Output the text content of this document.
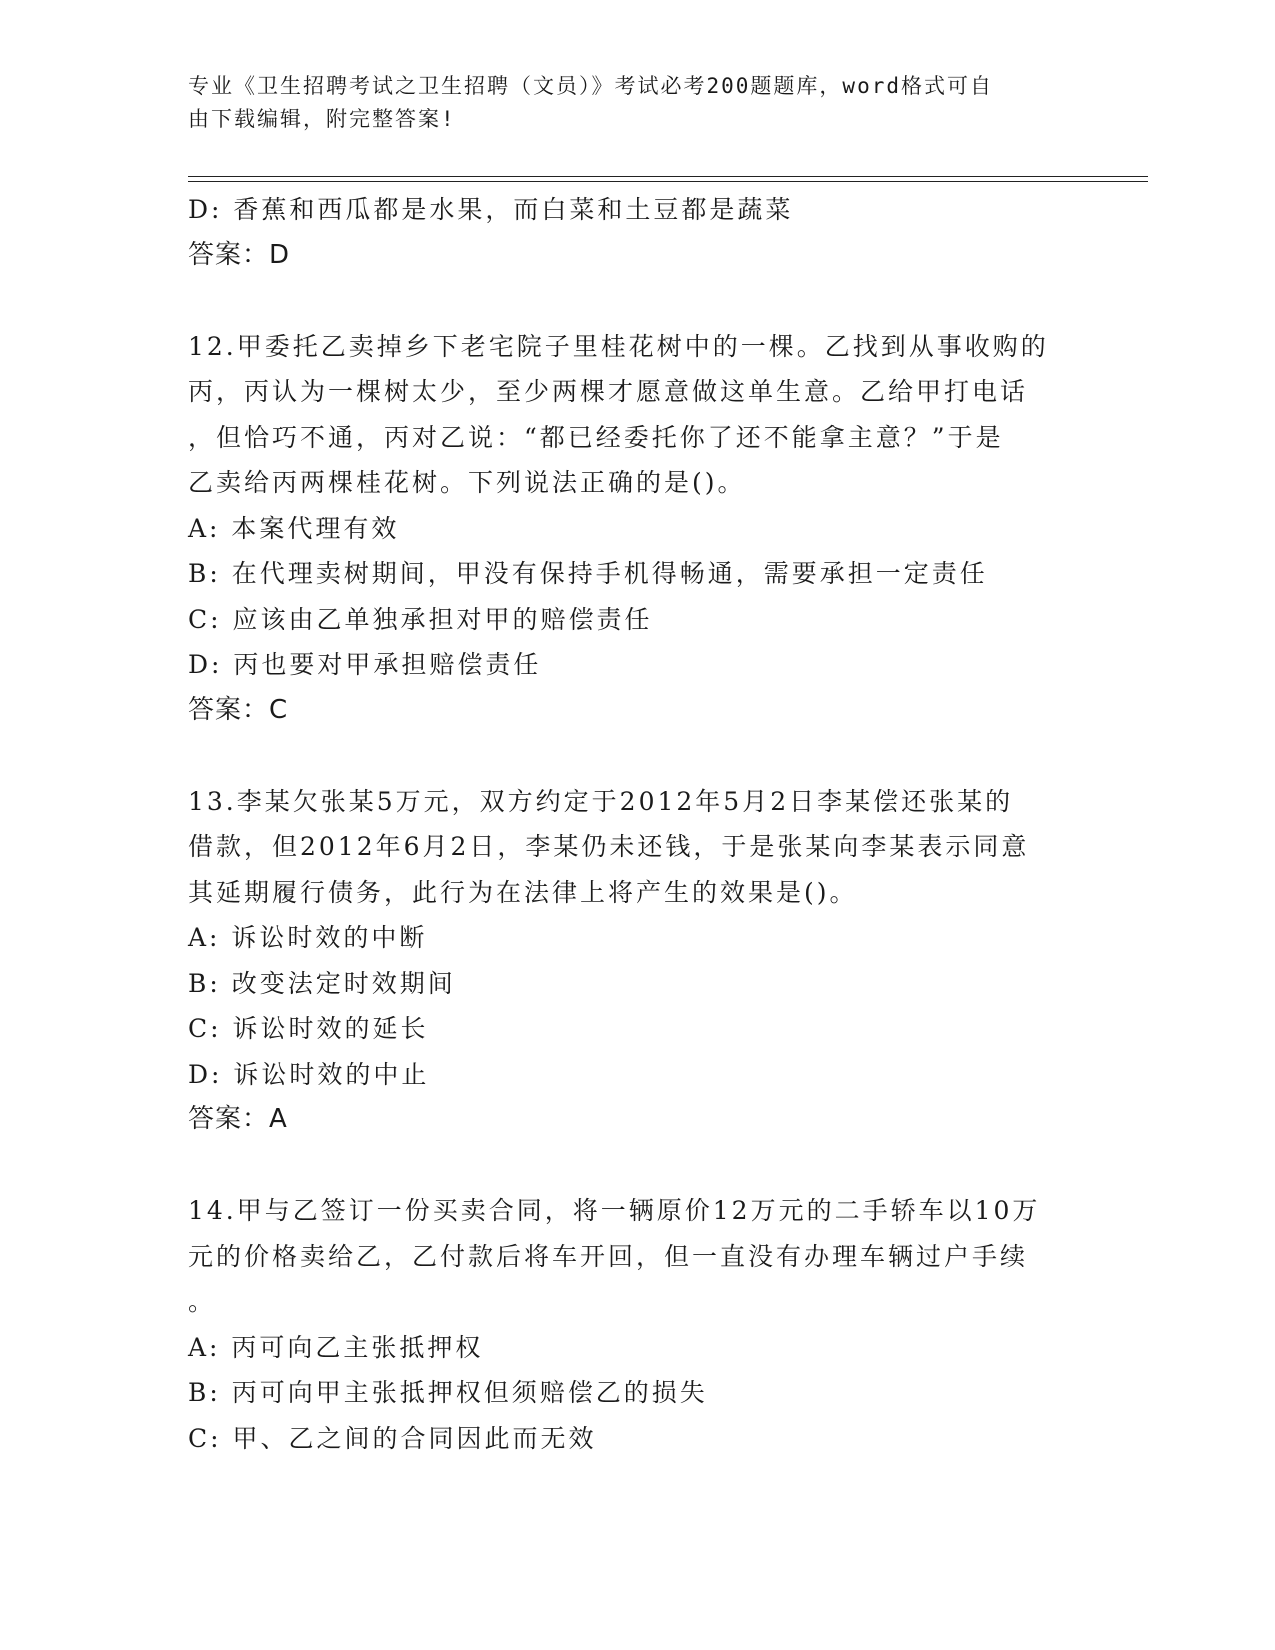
专业《卫生招聘考试之卫生招聘（文员）》考试必考200题题库，word格式可自
由下载编辑，附完整答案!
D: 香蕉和西瓜都是水果，而白菜和土豆都是蔬菜
答案：D
12.甲委托乙卖掉乡下老宅院子里桂花树中的一棵。乙找到从事收购的
丙，丙认为一棵树太少，至少两棵才愿意做这单生意。乙给甲打电话
，但恰巧不通，丙对乙说：“都已经委托你了还不能拿主意？”于是
乙卖给丙两棵桂花树。下列说法正确的是()。
A: 本案代理有效
B: 在代理卖树期间，甲没有保持手机得畅通，需要承担一定责任
C: 应该由乙单独承担对甲的赔偿责任
D: 丙也要对甲承担赔偿责任
答案：C
13.李某欠张某5万元，双方约定于2012年5月2日李某偿还张某的
借款，但2012年6月2日，李某仍未还钱，于是张某向李某表示同意
其延期履行债务，此行为在法律上将产生的效果是()。
A: 诉讼时效的中断
B: 改变法定时效期间
C: 诉讼时效的延长
D: 诉讼时效的中止
答案：A
14.甲与乙签订一份买卖合同，将一辆原价12万元的二手轿车以10万
元的价格卖给乙，乙付款后将车开回，但一直没有办理车辆过户手续
。
A: 丙可向乙主张抵押权
B: 丙可向甲主张抵押权但须赔偿乙的损失
C: 甲、乙之间的合同因此而无效
